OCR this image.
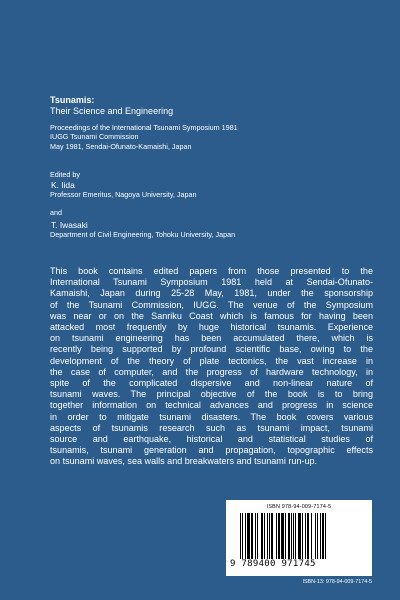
Tsunamis:
Their Science and Engineering
Proceedings of the International Tsunami Symposium 1981
IUGG Tsunami Commission
May 1981, Sendai-Ofunato-Kamaishi, Japan
Edited by
K. Iida
Professor Emeritus, Nagoya University, Japan
and
T. Iwasaki
Department of Civil Engineering, Tohoku University, Japan
This book contains edited papers from those presented to the
International Tsunami Symposium 1981 held at Sendai-Ofunato-
Kamaishi, Japan during 25-28 May, 1981, under the sponsorship
of the Tsunami Commission, IUGG. The venue of the Symposium
was near or on the Sanriku Coast which is famous for having been
attacked most frequently by huge historical tsunamis. Experience
on tsunami engineering has been accumulated there, which is
recently being supported by profound scientific base, owing to the
development of the theory of plate tectonics, the vast increase in
the case of computer, and the progress of hardware technology, in
spite of the complicated dispersive and non-linear nature of
tsunami waves. The principal objective of the book is to bring
together information on technical advances and progress in science
in order to mitigate tsunami disasters. The book covers various
aspects of tsunamis research such as tsunami impact, tsunami
source and earthquake, historical and statistical studies of
tsunamis, tsunami generation and propagation, topographic effects
on tsunami waves, sea walls and breakwaters and tsunami run-up.
ISBN 978-94-009-7174-5
9 789400 971745
ISBN-13: 978-94-009-7174-5
